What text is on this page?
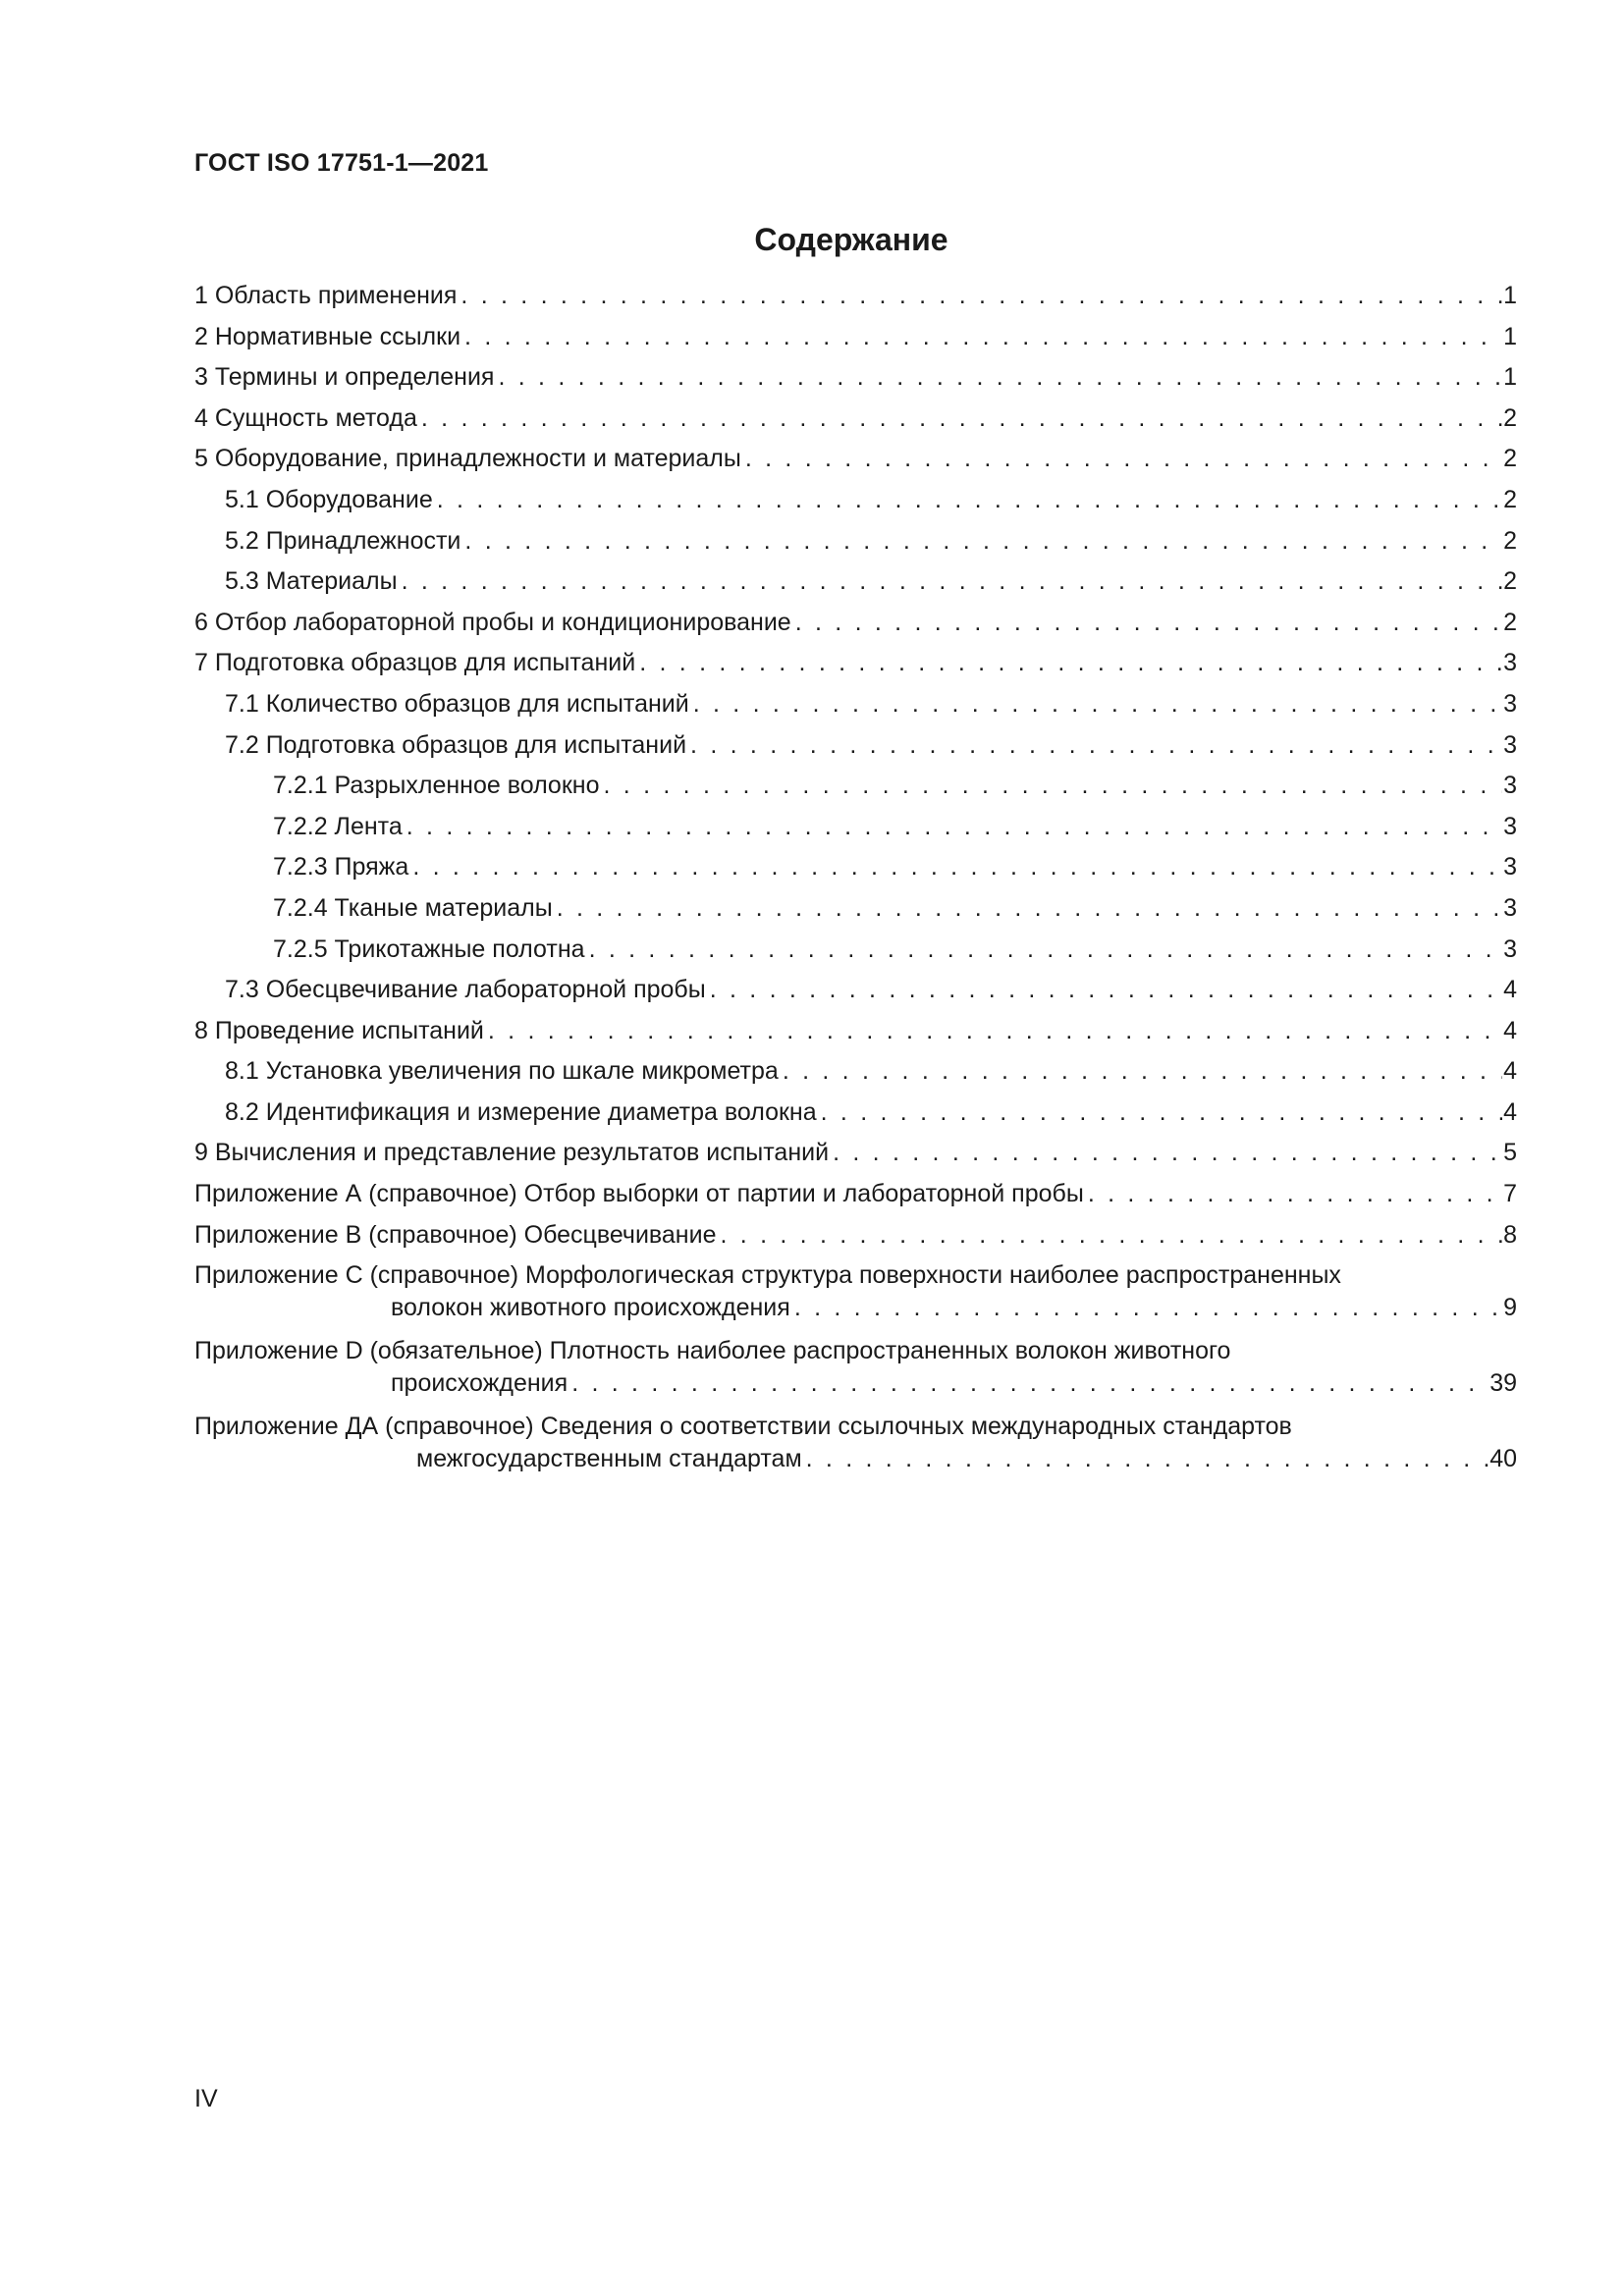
ГОСТ ISO 17751-1—2021
Содержание
1 Область применения . . .	1
2 Нормативные ссылки . . .	1
3 Термины и определения . . .	1
4 Сущность метода . . .	2
5 Оборудование, принадлежности и материалы . . .	2
5.1 Оборудование . . .	2
5.2 Принадлежности . . .	2
5.3 Материалы . . .	2
6 Отбор лабораторной пробы и кондиционирование . . .	2
7 Подготовка образцов для испытаний . . .	3
7.1 Количество образцов для испытаний . . .	3
7.2 Подготовка образцов для испытаний . . .	3
7.2.1 Разрыхленное волокно . . .	3
7.2.2 Лента . . .	3
7.2.3 Пряжа . . .	3
7.2.4 Тканые материалы . . .	3
7.2.5 Трикотажные полотна . . .	3
7.3 Обесцвечивание лабораторной пробы . . .	4
8 Проведение испытаний . . .	4
8.1 Установка увеличения по шкале микрометра . . .	4
8.2 Идентификация и измерение диаметра волокна . . .	4
9 Вычисления и представление результатов испытаний . . .	5
Приложение А (справочное) Отбор выборки от партии и лабораторной пробы . . .	7
Приложение В (справочное) Обесцвечивание . . .	8
Приложение С (справочное) Морфологическая структура поверхности наиболее распространенных
волокон животного происхождения . . .	9
Приложение D (обязательное) Плотность наиболее распространенных волокон животного
происхождения . . .	39
Приложение ДА (справочное) Сведения о соответствии ссылочных международных стандартов
межгосударственным стандартам . . .	40
IV
